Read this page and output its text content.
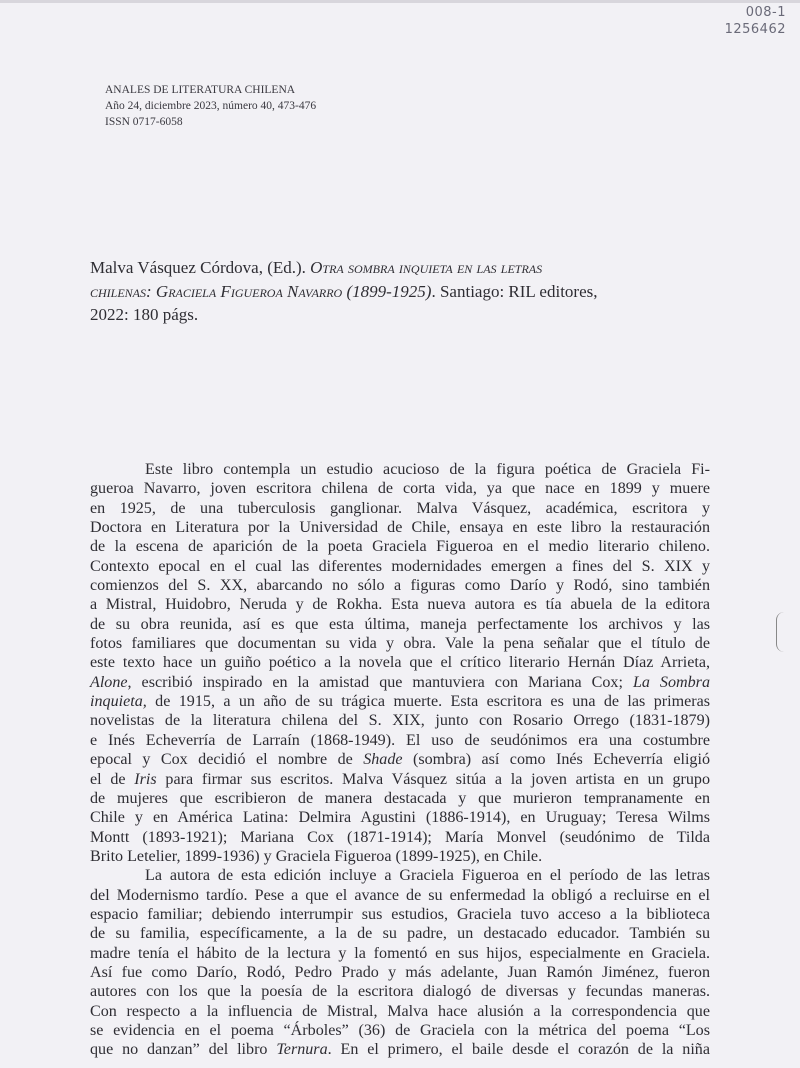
008-1
1256462
ANALES DE LITERATURA CHILENA
Año 24, diciembre 2023, número 40, 473-476
ISSN 0717-6058
Malva Vásquez Córdova, (Ed.). Otra sombra inquieta en las letras
chilenas: Graciela Figueroa Navarro (1899-1925). Santiago: RIL editores,
2022: 180 págs.
Este libro contempla un estudio acucioso de la figura poética de Graciela Fi-
gueroa Navarro, joven escritora chilena de corta vida, ya que nace en 1899 y muere
en 1925, de una tuberculosis ganglionar. Malva Vásquez, académica, escritora y
Doctora en Literatura por la Universidad de Chile, ensaya en este libro la restauración
de la escena de aparición de la poeta Graciela Figueroa en el medio literario chileno.
Contexto epocal en el cual las diferentes modernidades emergen a fines del S. XIX y
comienzos del S. XX, abarcando no sólo a figuras como Darío y Rodó, sino también
a Mistral, Huidobro, Neruda y de Rokha. Esta nueva autora es tía abuela de la editora
de su obra reunida, así es que esta última, maneja perfectamente los archivos y las
fotos familiares que documentan su vida y obra. Vale la pena señalar que el título de
este texto hace un guiño poético a la novela que el crítico literario Hernán Díaz Arrieta,
Alone, escribió inspirado en la amistad que mantuviera con Mariana Cox; La Sombra
inquieta, de 1915, a un año de su trágica muerte. Esta escritora es una de las primeras
novelistas de la literatura chilena del S. XIX, junto con Rosario Orrego (1831-1879)
e Inés Echeverría de Larraín (1868-1949). El uso de seudónimos era una costumbre
epocal y Cox decidió el nombre de Shade (sombra) así como Inés Echeverría eligió
el de Iris para firmar sus escritos. Malva Vásquez sitúa a la joven artista en un grupo
de mujeres que escribieron de manera destacada y que murieron tempranamente en
Chile y en América Latina: Delmira Agustini (1886-1914), en Uruguay; Teresa Wilms
Montt (1893-1921); Mariana Cox (1871-1914); María Monvel (seudónimo de Tilda
Brito Letelier, 1899-1936) y Graciela Figueroa (1899-1925), en Chile.
La autora de esta edición incluye a Graciela Figueroa en el período de las letras
del Modernismo tardío. Pese a que el avance de su enfermedad la obligó a recluirse en el
espacio familiar; debiendo interrumpir sus estudios, Graciela tuvo acceso a la biblioteca
de su familia, específicamente, a la de su padre, un destacado educador. También su
madre tenía el hábito de la lectura y la fomentó en sus hijos, especialmente en Graciela.
Así fue como Darío, Rodó, Pedro Prado y más adelante, Juan Ramón Jiménez, fueron
autores con los que la poesía de la escritora dialogó de diversas y fecundas maneras.
Con respecto a la influencia de Mistral, Malva hace alusión a la correspondencia que
se evidencia en el poema “Árboles” (36) de Graciela con la métrica del poema “Los
que no danzan” del libro Ternura. En el primero, el baile desde el corazón de la niña
